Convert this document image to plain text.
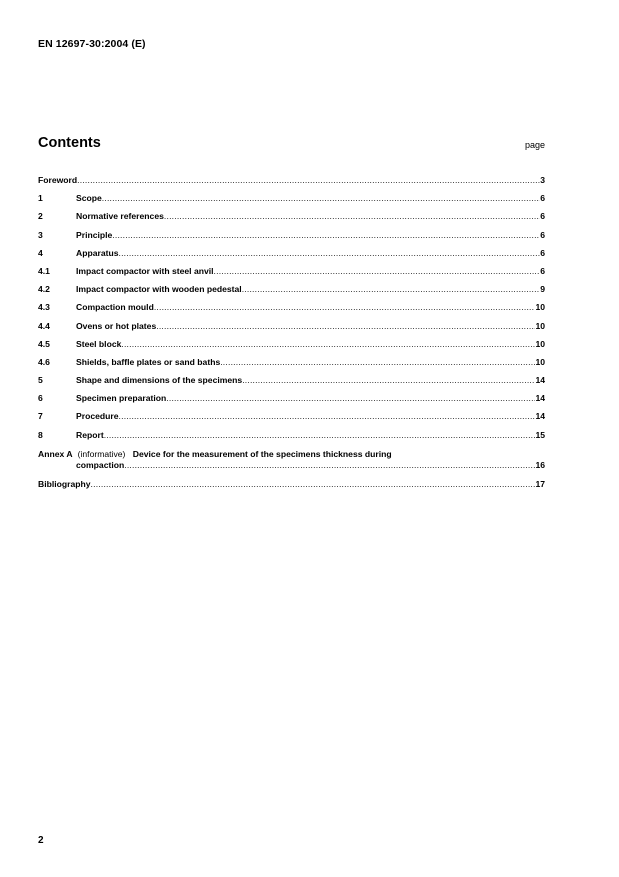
EN 12697-30:2004 (E)
Contents	page
Foreword .....	3
1	Scope .....	6
2	Normative references .....	6
3	Principle .....	6
4	Apparatus .....	6
4.1	Impact compactor with steel anvil .....	6
4.2	Impact compactor with wooden pedestal .....	9
4.3	Compaction mould .....	10
4.4	Ovens or hot plates .....	10
4.5	Steel block .....	10
4.6	Shields, baffle plates or sand baths .....	10
5	Shape and dimensions of the specimens .....	14
6	Specimen preparation .....	14
7	Procedure .....	14
8	Report .....	15
Annex A (informative) Device for the measurement of the specimens thickness during
compaction .....	16
Bibliography .....	17
2
